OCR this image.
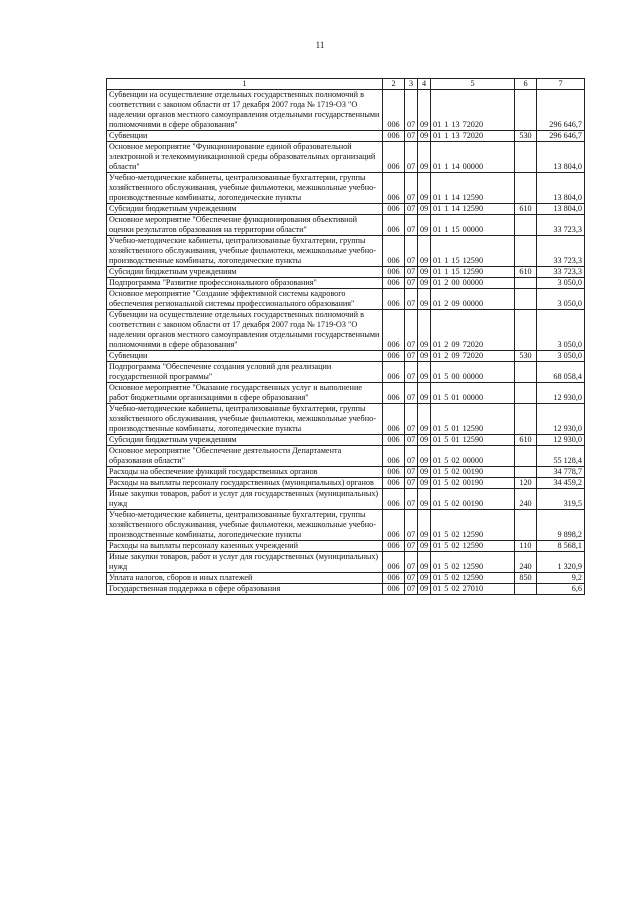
11
1	2	3	4	5	6	7
Субвенции на осуществление отдельных государственных полномочий в соответствии с законом области от 17 декабря 2007 года № 1719-ОЗ "О наделении органов местного самоуправления отдельными государственными полномочиями в сфере образования"	006	07	09	01 1 13 72020		296 646,7
Субвенции	006	07	09	01 1 13 72020	530	296 646,7
Основное мероприятие "Функционирование единой образовательной электронной и телекоммуникационной среды образовательных организаций области"	006	07	09	01 1 14 00000		13 804,0
Учебно-методические кабинеты, централизованные бухгалтерии, группы хозяйственного обслуживания, учебные фильмотеки, межшкольные учебно-производственные комбинаты, логопедические пункты	006	07	09	01 1 14 12590		13 804,0
Субсидии бюджетным учреждениям	006	07	09	01 1 14 12590	610	13 804,0
Основное мероприятие "Обеспечение функционирования объективной оценки результатов образования на территории области"	006	07	09	01 1 15 00000		33 723,3
Учебно-методические кабинеты, централизованные бухгалтерии, группы хозяйственного обслуживания, учебные фильмотеки, межшкольные учебно-производственные комбинаты, логопедические пункты	006	07	09	01 1 15 12590		33 723,3
Субсидии бюджетным учреждениям	006	07	09	01 1 15 12590	610	33 723,3
Подпрограмма "Развитие профессионального образования"	006	07	09	01 2 00 00000		3 050,0
Основное мероприятие "Создание эффективной системы кадрового обеспечения региональной системы профессионального образования"	006	07	09	01 2 09 00000		3 050,0
Субвенции на осуществление отдельных государственных полномочий в соответствии с законом области от 17 декабря 2007 года № 1719-ОЗ "О наделении органов местного самоуправления отдельными государственными полномочиями в сфере образования"	006	07	09	01 2 09 72020		3 050,0
Субвенции	006	07	09	01 2 09 72020	530	3 050,0
Подпрограмма "Обеспечение создания условий для реализации государственной программы"	006	07	09	01 5 00 00000		68 058,4
Основное мероприятие "Оказание государственных услуг и выполнение работ бюджетными организациями в сфере образования"	006	07	09	01 5 01 00000		12 930,0
Учебно-методические кабинеты, централизованные бухгалтерии, группы хозяйственного обслуживания, учебные фильмотеки, межшкольные учебно-производственные комбинаты, логопедические пункты	006	07	09	01 5 01 12590		12 930,0
Субсидии бюджетным учреждениям	006	07	09	01 5 01 12590	610	12 930,0
Основное мероприятие "Обеспечение деятельности Департамента образования области"	006	07	09	01 5 02 00000		55 128,4
Расходы на обеспечение функций государственных органов	006	07	09	01 5 02 00190		34 778,7
Расходы на выплаты персоналу государственных (муниципальных) органов	006	07	09	01 5 02 00190	120	34 459,2
Иные закупки товаров, работ и услуг для государственных (муниципальных) нужд	006	07	09	01 5 02 00190	240	319,5
Учебно-методические кабинеты, централизованные бухгалтерии, группы хозяйственного обслуживания, учебные фильмотеки, межшкольные учебно-производственные комбинаты, логопедические пункты	006	07	09	01 5 02 12590		9 898,2
Расходы на выплаты персоналу казенных учреждений	006	07	09	01 5 02 12590	110	8 568,1
Иные закупки товаров, работ и услуг для государственных (муниципальных) нужд	006	07	09	01 5 02 12590	240	1 320,9
Уплата налогов, сборов и иных платежей	006	07	09	01 5 02 12590	850	9,2
Государственная поддержка в сфере образования	006	07	09	01 5 02 27010		6,6
